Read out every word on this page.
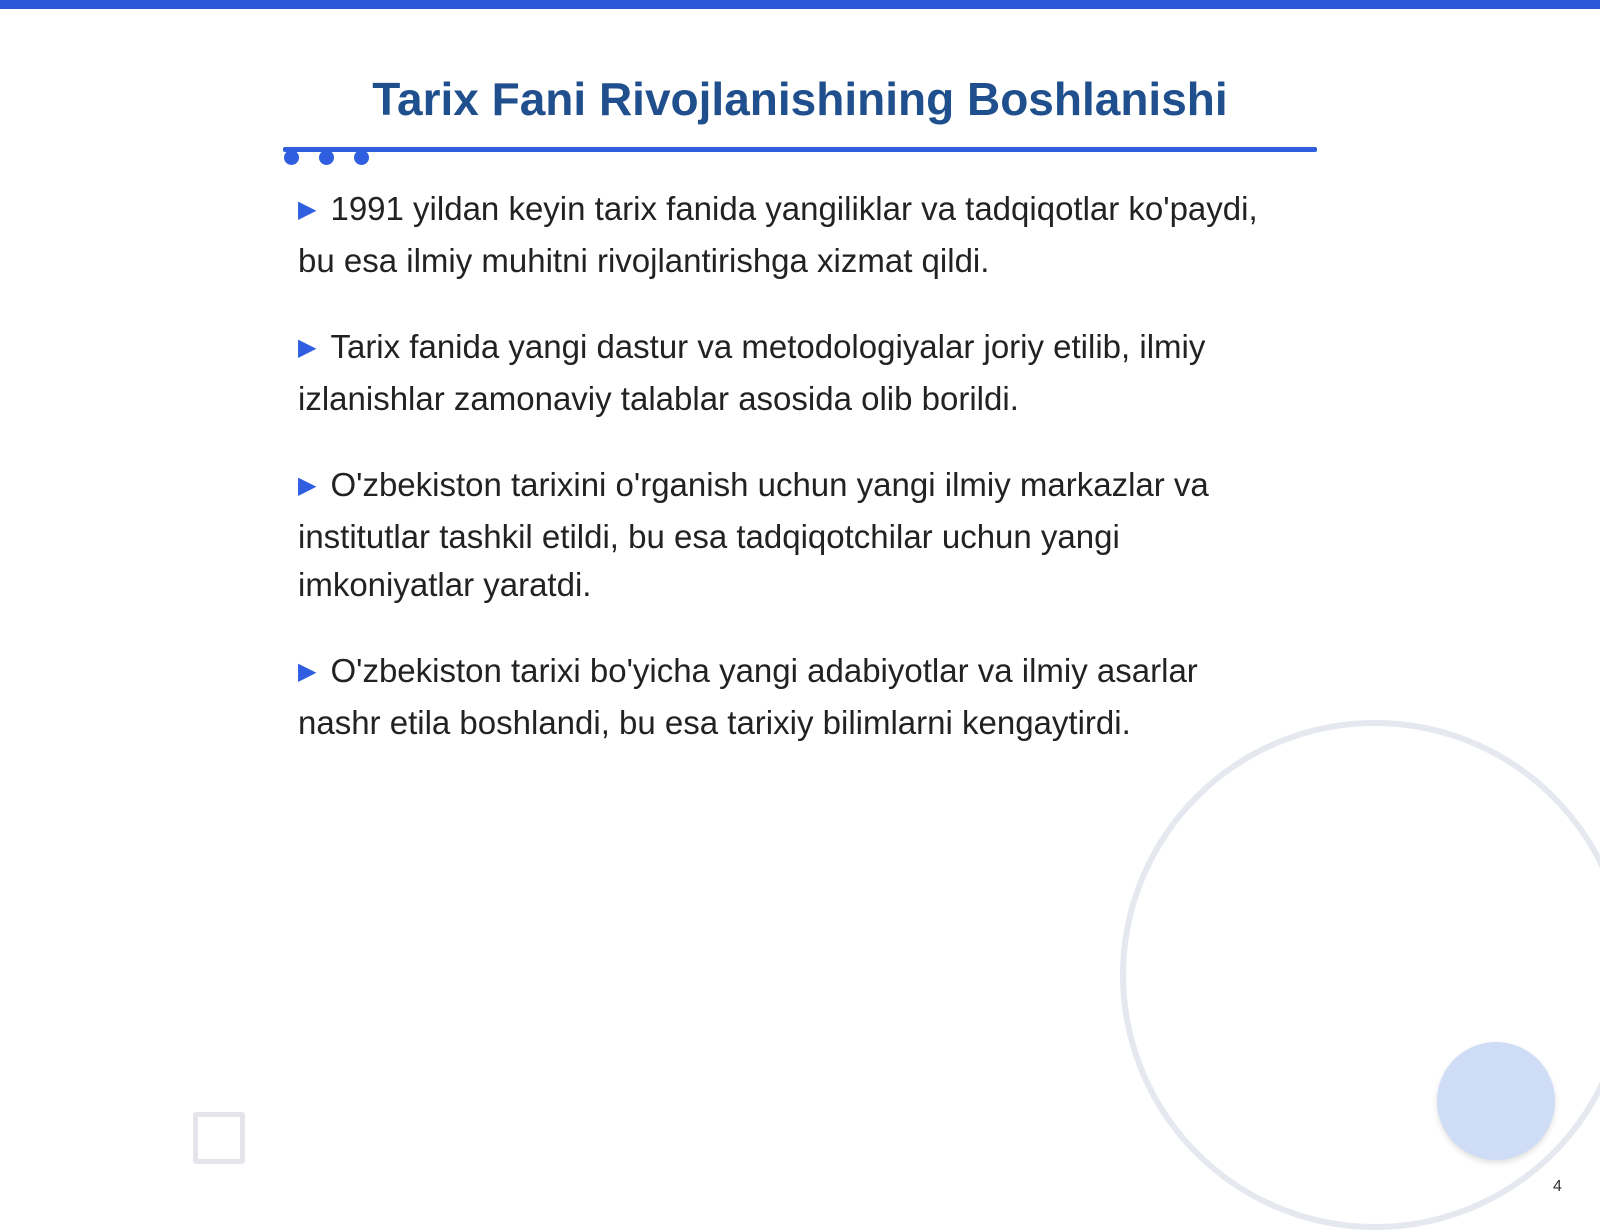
Tarix Fani Rivojlanishining Boshlanishi

▶ 1991 yildan keyin tarix fanida yangiliklar va tadqiqotlar ko'paydi, bu esa ilmiy muhitni rivojlantirishga xizmat qildi.

▶ Tarix fanida yangi dastur va metodologiyalar joriy etilib, ilmiy izlanishlar zamonaviy talablar asosida olib borildi.

▶ O'zbekiston tarixini o'rganish uchun yangi ilmiy markazlar va institutlar tashkil etildi, bu esa tadqiqotchilar uchun yangi imkoniyatlar yaratdi.

▶ O'zbekiston tarixi bo'yicha yangi adabiyotlar va ilmiy asarlar nashr etila boshlandi, bu esa tarixiy bilimlarni kengaytirdi.

4
